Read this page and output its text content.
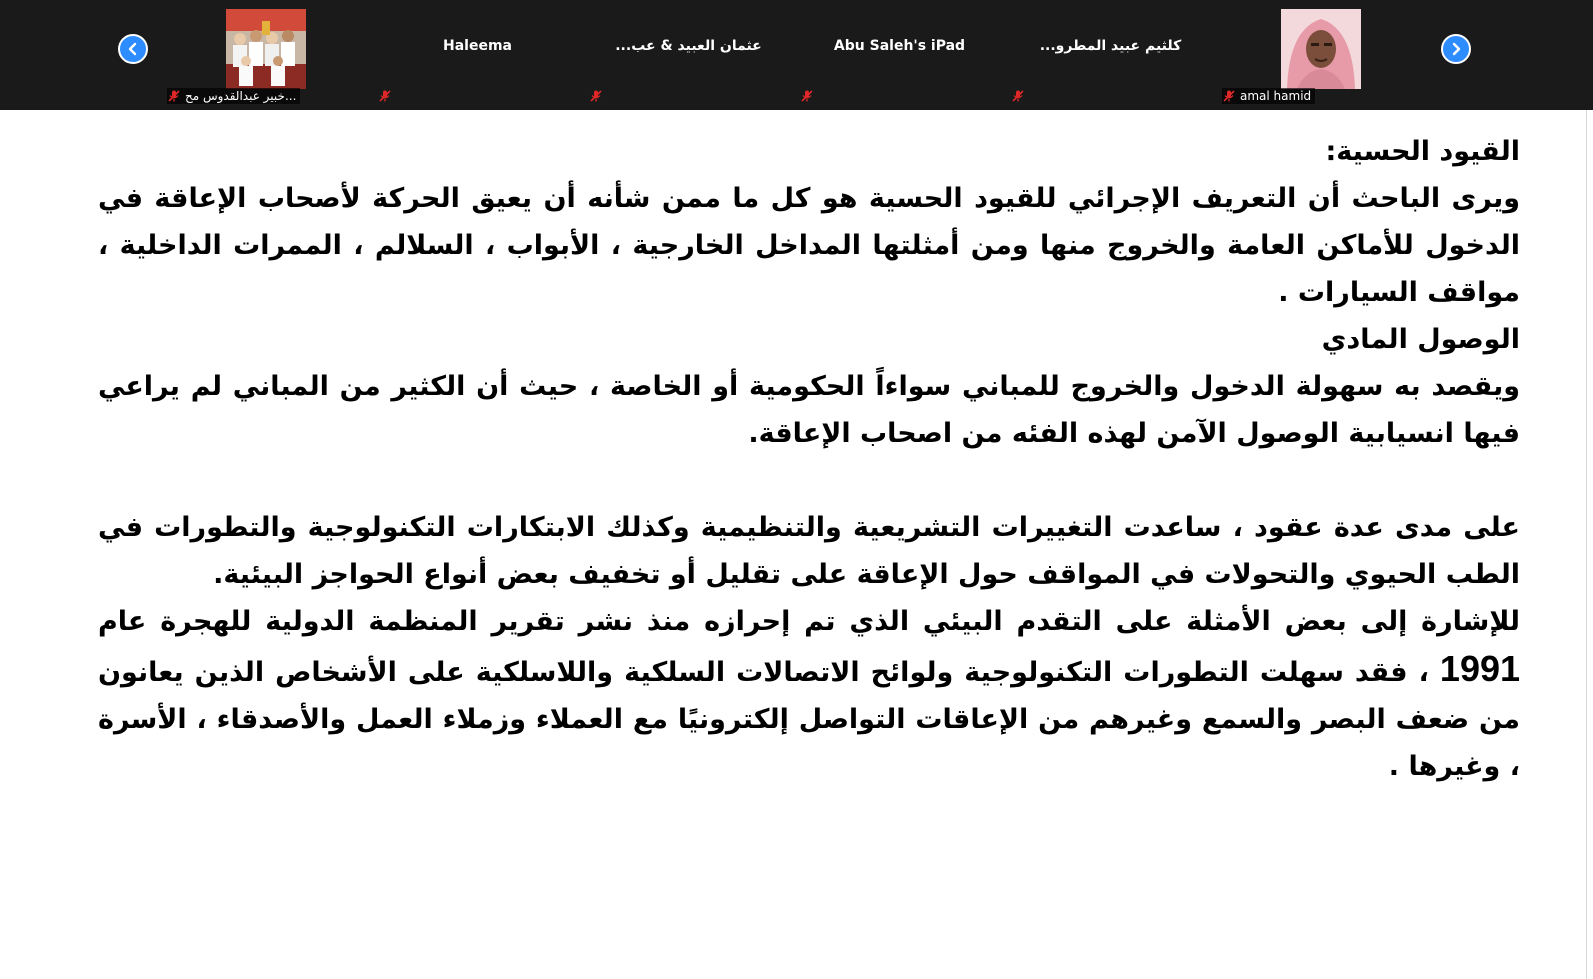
خبير عبدالقدوس مح...
Haleema	عثمان العبيد & عب...	Abu Saleh's iPad	كلثيم عبيد المطرو...
amal hamid

القيود الحسية:

ويرى الباحث أن التعريف الإجرائي للقيود الحسية هو كل ما ممن شأنه أن يعيق الحركة لأصحاب الإعاقة في الدخول للأماكن العامة والخروج منها ومن أمثلتها المداخل الخارجية ، الأبواب ، السلالم ، الممرات الداخلية ، مواقف السيارات .

الوصول المادي

ويقصد به سهولة الدخول والخروج للمباني سواءاً الحكومية أو الخاصة ، حيث أن الكثير من المباني لم يراعي فيها انسيابية الوصول الآمن لهذه الفئه من اصحاب الإعاقة.

على مدى عدة عقود ، ساعدت التغييرات التشريعية والتنظيمية وكذلك الابتكارات التكنولوجية والتطورات في الطب الحيوي والتحولات في المواقف حول الإعاقة على تقليل أو تخفيف بعض أنواع الحواجز البيئية.

للإشارة إلى بعض الأمثلة على التقدم البيئي الذي تم إحرازه منذ نشر تقرير المنظمة الدولية للهجرة عام 1991 ، فقد سهلت التطورات التكنولوجية ولوائح الاتصالات السلكية واللاسلكية على الأشخاص الذين يعانون من ضعف البصر والسمع وغيرهم من الإعاقات التواصل إلكترونيًا مع العملاء وزملاء العمل والأصدقاء ، الأسرة ، وغيرها .
